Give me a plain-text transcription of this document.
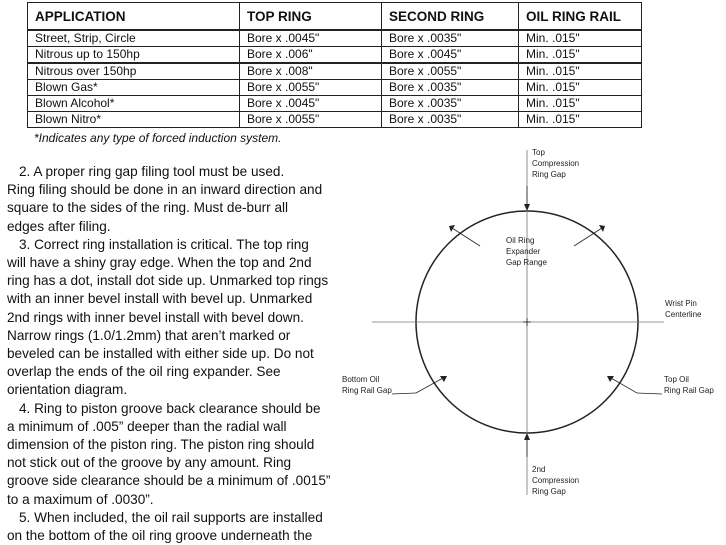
APPLICATION	TOP RING	SECOND RING	OIL RING RAIL
Street, Strip, Circle	Bore x .0045"	Bore x .0035"	Min. .015"
Nitrous up to 150hp	Bore x .006"	Bore x .0045"	Min. .015"
Nitrous over 150hp	Bore x .008"	Bore x .0055"	Min. .015"
Blown Gas*	Bore x .0055"	Bore x .0035"	Min. .015"
Blown Alcohol*	Bore x .0045"	Bore x .0035"	Min. .015"
Blown Nitro*	Bore x .0055"	Bore x .0035"	Min. .015"
*Indicates any type of forced induction system.

2. A proper ring gap filing tool must be used.

Ring filing should be done in an inward direction and

square to the sides of the ring. Must de-burr all

edges after filing.

3. Correct ring installation is critical. The top ring

will have a shiny gray edge. When the top and 2nd

ring has a dot, install dot side up. Unmarked top rings

with an inner bevel install with bevel up. Unmarked

2nd rings with inner bevel install with bevel down.

Narrow rings (1.0/1.2mm) that aren’t marked or

beveled can be installed with either side up. Do not

overlap the ends of the oil ring expander. See

orientation diagram.

4. Ring to piston groove back clearance should be

a minimum of .005” deeper than the radial wall

dimension of the piston ring. The piston ring should

not stick out of the groove by any amount. Ring

groove side clearance should be a minimum of .0015”

to a maximum of .0030”.

5. When included, the oil rail supports are installed

on the bottom of the oil ring groove underneath the

Top Compression Ring Gap
Oil Ring Expander Gap Range
Wrist Pin Centerline
Bottom Oil Ring Rail Gap
Top Oil Ring Rail Gap
2nd Compression Ring Gap
